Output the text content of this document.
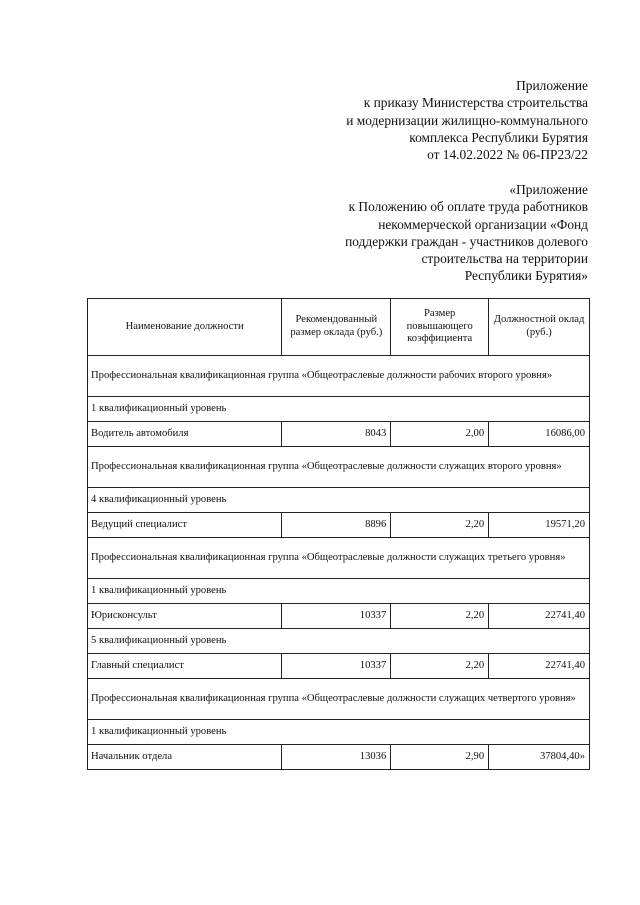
Приложение
к приказу Министерства строительства
и модернизации жилищно-коммунального
комплекса Республики Бурятия
от 14.02.2022 № 06-ПР23/22
«Приложение
к Положению об оплате труда работников
некоммерческой организации «Фонд
поддержки граждан - участников долевого
строительства на территории
Республики Бурятия»
Наименование должности	Рекомендованный размер оклада (руб.)	Размер повышающего коэффициента	Должностной оклад (руб.)
Профессиональная квалификационная группа «Общеотраслевые должности рабочих второго уровня»			
1 квалификационный уровень			
Водитель автомобиля	8043	2,00	16086,00
Профессиональная квалификационная группа «Общеотраслевые должности служащих второго уровня»			
4 квалификационный уровень			
Ведущий специалист	8896	2,20	19571,20
Профессиональная квалификационная группа «Общеотраслевые должности служащих третьего уровня»			
1 квалификационный уровень			
Юрисконсульт	10337	2,20	22741,40
5 квалификационный уровень			
Главный специалист	10337	2,20	22741,40
Профессиональная квалификационная группа «Общеотраслевые должности служащих четвертого уровня»			
1 квалификационный уровень			
Начальник отдела	13036	2,90	37804,40»
